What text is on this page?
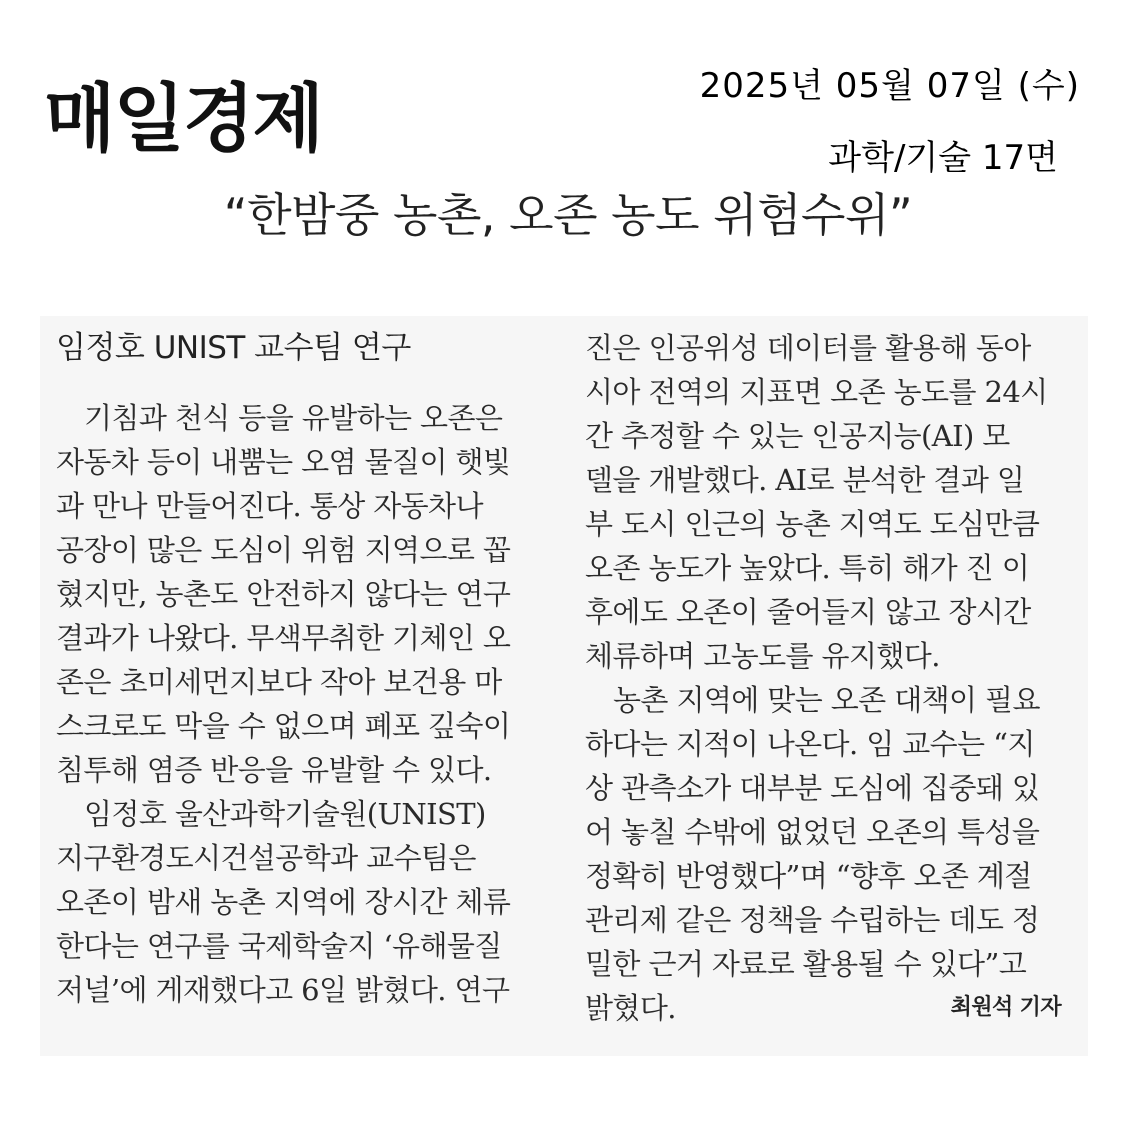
매일경제	2025년 05월 07일 (수)
과학/기술 17면
“한밤중 농촌, 오존 농도 위험수위”
임정호 UNIST 교수팀 연구
기침과 천식 등을 유발하는 오존은
자동차 등이 내뿜는 오염 물질이 햇빛
과 만나 만들어진다. 통상 자동차나
공장이 많은 도심이 위험 지역으로 꼽
혔지만, 농촌도 안전하지 않다는 연구
결과가 나왔다. 무색무취한 기체인 오
존은 초미세먼지보다 작아 보건용 마
스크로도 막을 수 없으며 폐포 깊숙이
침투해 염증 반응을 유발할 수 있다.
임정호 울산과학기술원(UNIST)
지구환경도시건설공학과 교수팀은
오존이 밤새 농촌 지역에 장시간 체류
한다는 연구를 국제학술지 ‘유해물질
저널’에 게재했다고 6일 밝혔다. 연구
진은 인공위성 데이터를 활용해 동아
시아 전역의 지표면 오존 농도를 24시
간 추정할 수 있는 인공지능(AI) 모
델을 개발했다. AI로 분석한 결과 일
부 도시 인근의 농촌 지역도 도심만큼
오존 농도가 높았다. 특히 해가 진 이
후에도 오존이 줄어들지 않고 장시간
체류하며 고농도를 유지했다.
농촌 지역에 맞는 오존 대책이 필요
하다는 지적이 나온다. 임 교수는 “지
상 관측소가 대부분 도심에 집중돼 있
어 놓칠 수밖에 없었던 오존의 특성을
정확히 반영했다”며 “향후 오존 계절
관리제 같은 정책을 수립하는 데도 정
밀한 근거 자료로 활용될 수 있다”고
밝혔다.	최원석 기자
